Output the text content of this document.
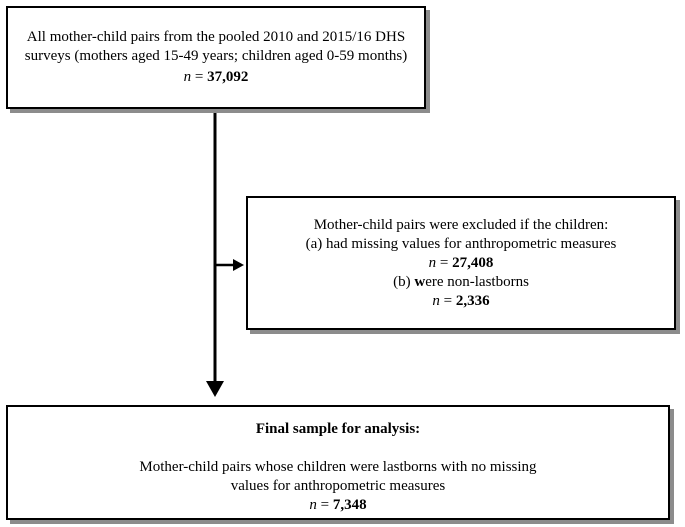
All mother-child pairs from the pooled 2010 and 2015/16 DHS
surveys (mothers aged 15-49 years; children aged 0-59 months)
n = 37,092
Mother-child pairs were excluded if the children:
(a) had missing values for anthropometric measures
n = 27,408
(b) were non-lastborns
n = 2,336
Final sample for analysis:
Mother-child pairs whose children were lastborns with no missing
values for anthropometric measures
n = 7,348
